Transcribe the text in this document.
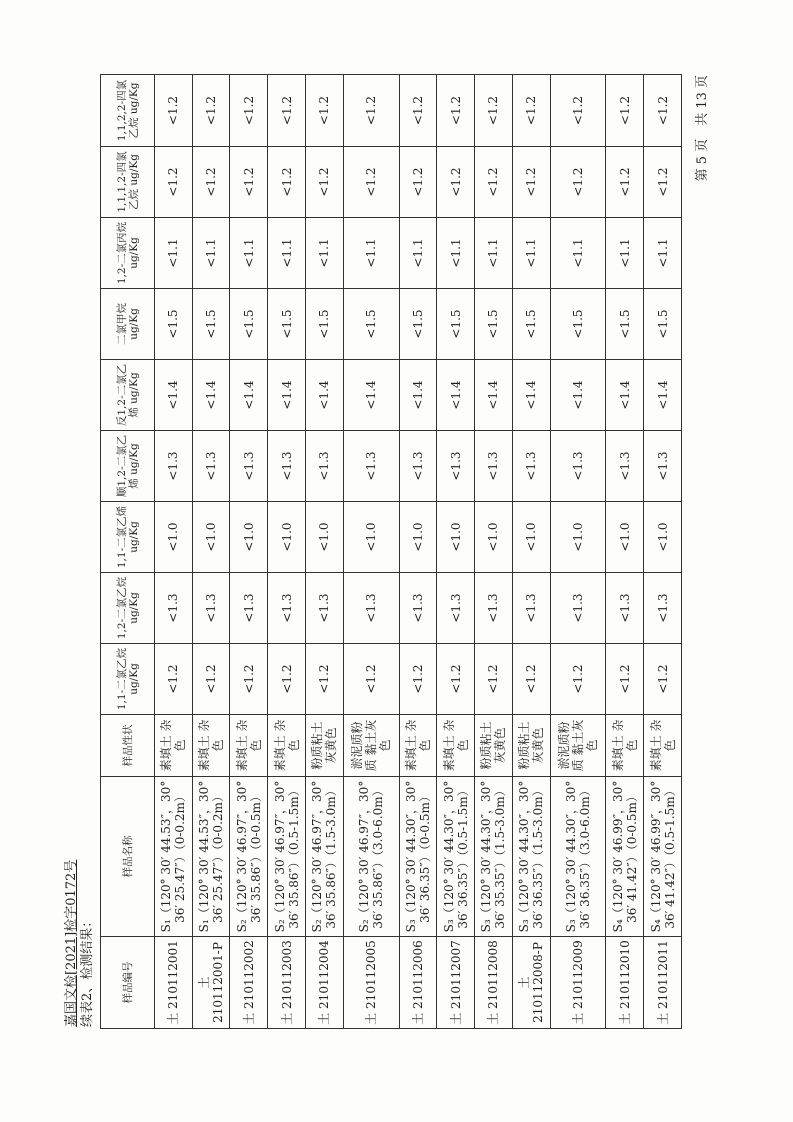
嘉国文检[2021]检字0172号 续表2、检测结果：
第 5 页　共 13 页
样品编号	样品名称	样品性状	1,1-二氯乙烷 ug/Kg	1,2-二氯乙烷 ug/Kg	1,1-二氯乙烯 ug/Kg	顺1,2-二氯乙烯 ug/Kg	反1,2-二氯乙烯 ug/Kg	二氯甲烷 ug/Kg	1,2-二氯丙烷 ug/Kg	1,1,1,2-四氯乙烷 ug/Kg	1,1,2,2-四氯乙烷 ug/Kg
土 210112001	S₁（120° 30′ 44.53″，30° 36′ 25.47″）（0-0.2m）	素填土 杂色	<1.2	<1.3	<1.0	<1.3	<1.4	<1.5	<1.1	<1.2	<1.2
土 210112001-P	S₁（120° 30′ 44.53″，30° 36′ 25.47″）（0-0.2m）	素填土 杂色	<1.2	<1.3	<1.0	<1.3	<1.4	<1.5	<1.1	<1.2	<1.2
土 210112002	S₂（120° 30′ 46.97″，30° 36′ 35.86″）（0-0.5m）	素填土 杂色	<1.2	<1.3	<1.0	<1.3	<1.4	<1.5	<1.1	<1.2	<1.2
土 210112003	S₂（120° 30′ 46.97″，30° 36′ 35.86″）（0.5-1.5m）	素填土 杂色	<1.2	<1.3	<1.0	<1.3	<1.4	<1.5	<1.1	<1.2	<1.2
土 210112004	S₂（120° 30′ 46.97″，30° 36′ 35.86″）（1.5-3.0m）	粉质粘土 灰黄色	<1.2	<1.3	<1.0	<1.3	<1.4	<1.5	<1.1	<1.2	<1.2
土 210112005	S₂（120° 30′ 46.97″，30° 36′ 35.86″）（3.0-6.0m）	淤泥质粉质 黏土灰色	<1.2	<1.3	<1.0	<1.3	<1.4	<1.5	<1.1	<1.2	<1.2
土 210112006	S₃（120° 30′ 44.30″，30° 36′ 36.35″）（0-0.5m）	素填土 杂色	<1.2	<1.3	<1.0	<1.3	<1.4	<1.5	<1.1	<1.2	<1.2
土 210112007	S₃（120° 30′ 44.30″，30° 36′ 36.35″）（0.5-1.5m）	素填土 杂色	<1.2	<1.3	<1.0	<1.3	<1.4	<1.5	<1.1	<1.2	<1.2
土 210112008	S₃（120° 30′ 44.30″，30° 36′ 35.35″）（1.5-3.0m）	粉质粘土 灰黄色	<1.2	<1.3	<1.0	<1.3	<1.4	<1.5	<1.1	<1.2	<1.2
土 210112008-P	S₃（120° 30′ 44.30″，30° 36′ 36.35″）（1.5-3.0m）	粉质粘土 灰黄色	<1.2	<1.3	<1.0	<1.3	<1.4	<1.5	<1.1	<1.2	<1.2
土 210112009	S₃（120° 30′ 44.30″，30° 36′ 36.35″）（3.0-6.0m）	淤泥质粉质 黏土灰色	<1.2	<1.3	<1.0	<1.3	<1.4	<1.5	<1.1	<1.2	<1.2
土 210112010	S₄（120° 30′ 46.99″，30° 36′ 41.42″）（0-0.5m）	素填土 杂色	<1.2	<1.3	<1.0	<1.3	<1.4	<1.5	<1.1	<1.2	<1.2
土 210112011	S₄（120° 30′ 46.99″，30° 36′ 41.42″）（0.5-1.5m）	素填土 杂色	<1.2	<1.3	<1.0	<1.3	<1.4	<1.5	<1.1	<1.2	<1.2
